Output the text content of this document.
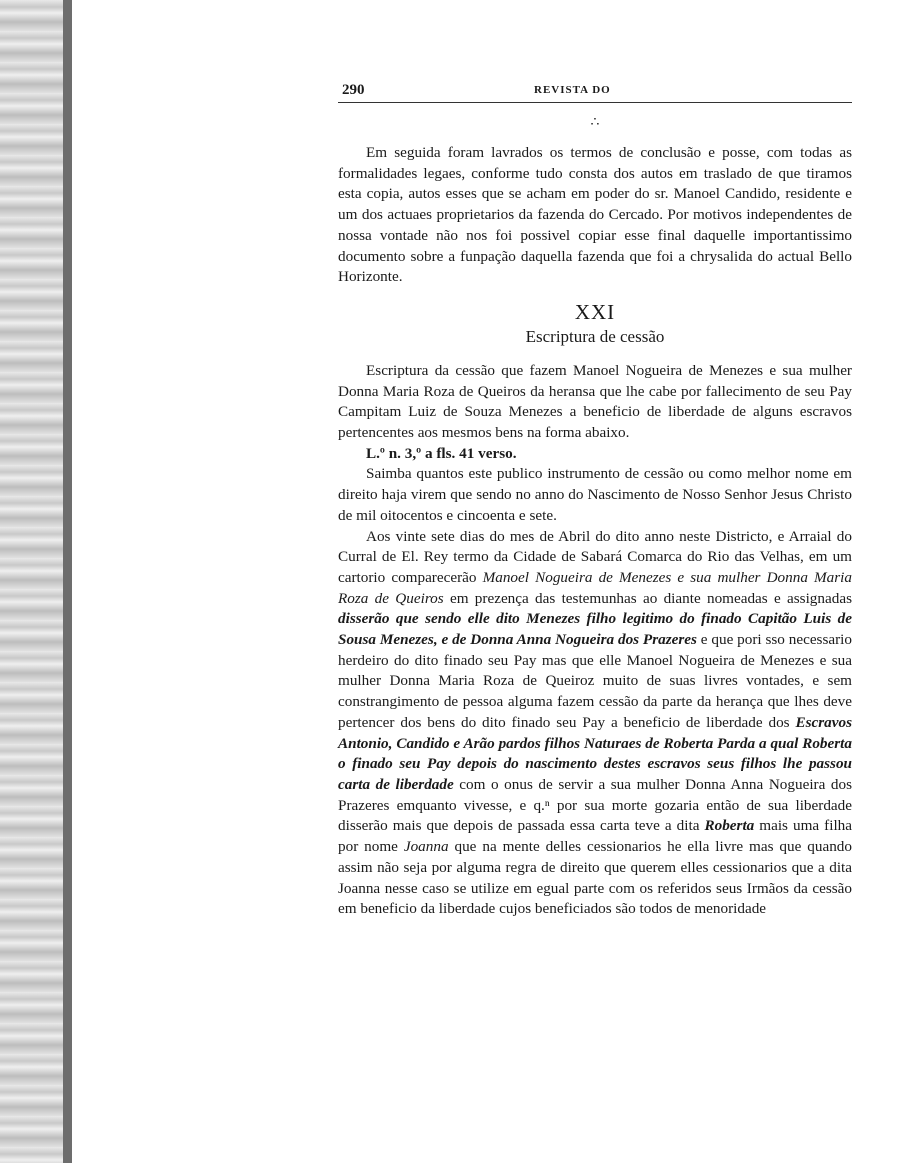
290	REVISTA DO
∴

Em seguida foram lavrados os termos de conclusão e posse, com todas as formalidades legaes, conforme tudo consta dos autos em traslado de que tiramos esta copia, autos esses que se acham em poder do sr. Manoel Candido, residente e um dos actuaes proprietarios da fazenda do Cercado. Por motivos independentes de nossa vontade não nos foi possivel copiar esse final daquelle importantissimo documento sobre a funpação daquella fazenda que foi a chrysalida do actual Bello Horizonte.

XXI
Escriptura de cessão

Escriptura da cessão que fazem Manoel Nogueira de Menezes e sua mulher Donna Maria Roza de Queiros da heransa que lhe cabe por fallecimento de seu Pay Campitam Luiz de Souza Menezes a beneficio de liberdade de alguns escravos pertencentes aos mesmos bens na forma abaixo.

L.º n. 3,º a fls. 41 verso.

Saimba quantos este publico instrumento de cessão ou como melhor nome em direito haja virem que sendo no anno do Nascimento de Nosso Senhor Jesus Christo de mil oitocentos e cincoenta e sete.

Aos vinte sete dias do mes de Abril do dito anno neste Districto, e Arraial do Curral de El. Rey termo da Cidade de Sabará Comarca do Rio das Velhas, em um cartorio comparecerão Manoel Nogueira de Menezes e sua mulher Donna Maria Roza de Queiros em prezença das testemunhas ao diante nomeadas e assignadas disserão que sendo elle dito Menezes filho legitimo do finado Capitão Luis de Sousa Menezes, e de Donna Anna Nogueira dos Prazeres e que pori sso necessario herdeiro do dito finado seu Pay mas que elle Manoel Nogueira de Menezes e sua mulher Donna Maria Roza de Queiroz muito de suas livres vontades, e sem constrangimento de pessoa alguma fazem cessão da parte da herança que lhes deve pertencer dos bens do dito finado seu Pay a beneficio de liberdade dos Escravos Antonio, Candido e Arão pardos filhos Naturaes de Roberta Parda a qual Roberta o finado seu Pay depois do nascimento destes escravos seus filhos lhe passou carta de liberdade com o onus de servir a sua mulher Donna Anna Nogueira dos Prazeres emquanto vivesse, e q.ⁿ por sua morte gozaria então de sua liberdade disserão mais que depois de passada essa carta teve a dita Roberta mais uma filha por nome Joanna que na mente delles cessionarios he ella livre mas que quando assim não seja por alguma regra de direito que querem elles cessionarios que a dita Joanna nesse caso se utilize em egual parte com os referidos seus Irmãos da cessão em beneficio da liberdade cujos beneficiados são todos de menoridade
